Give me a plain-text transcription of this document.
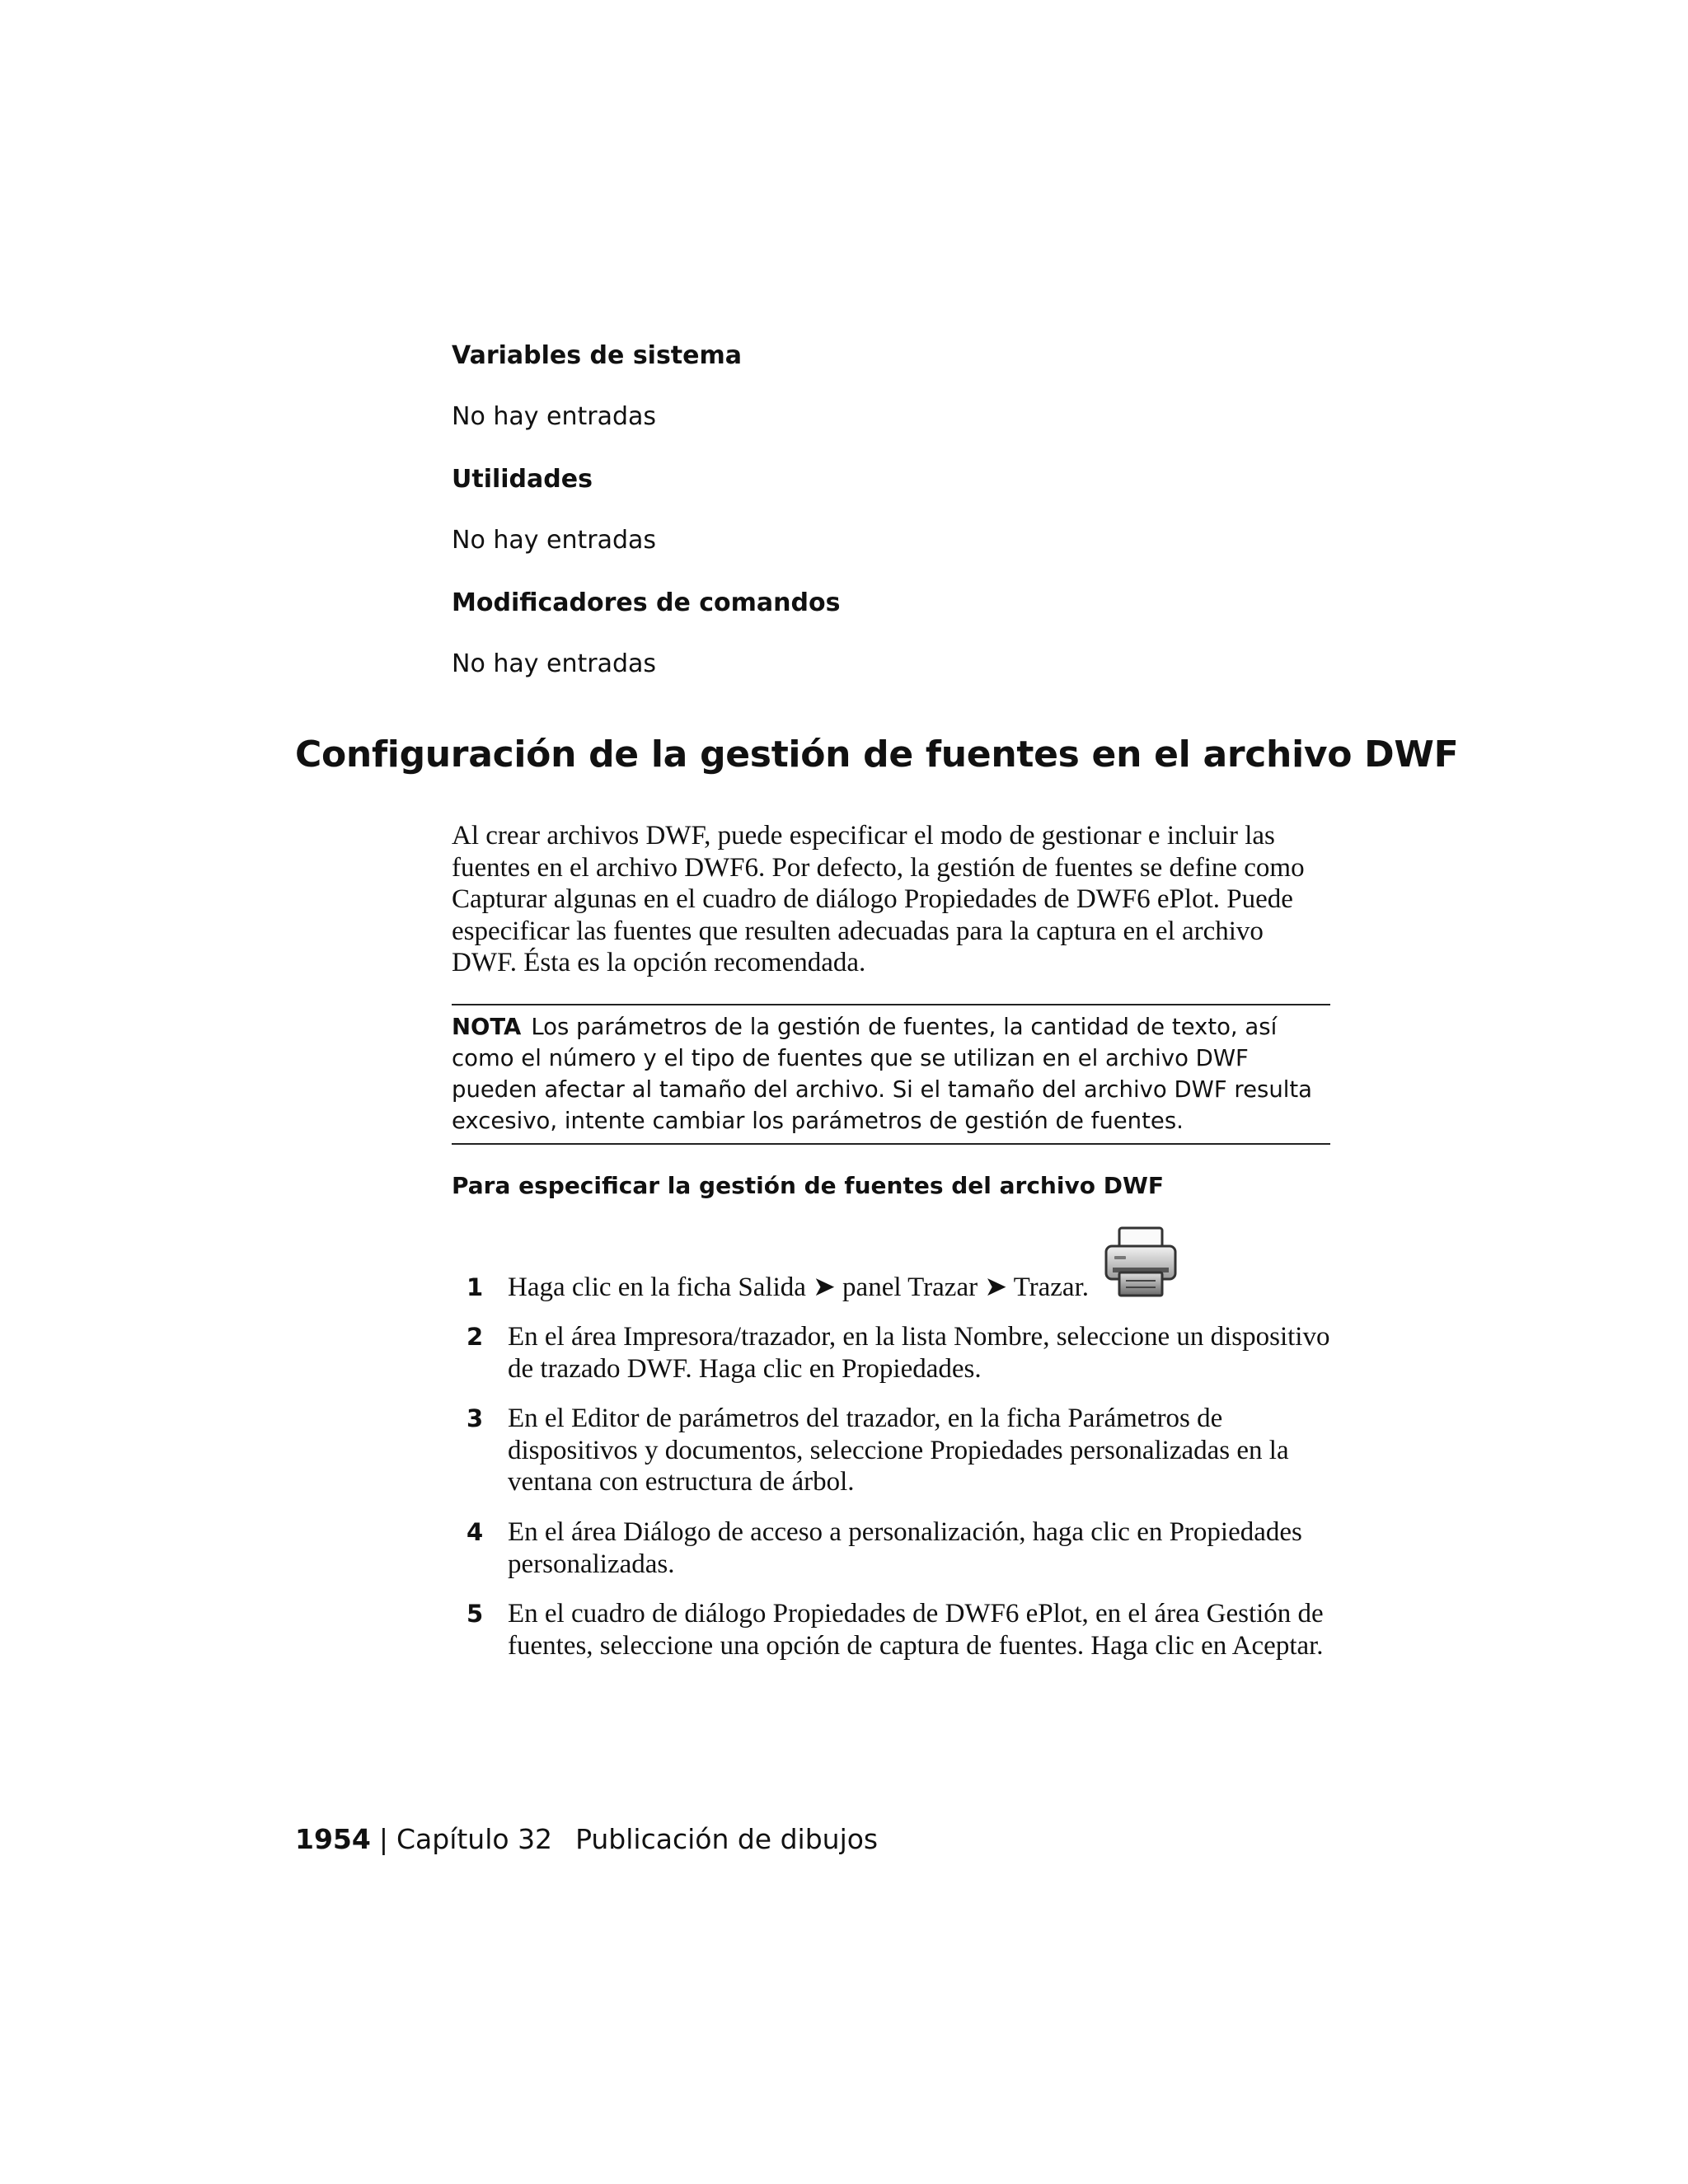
Variables de sistema

No hay entradas

Utilidades

No hay entradas

Modificadores de comandos

No hay entradas

Configuración de la gestión de fuentes en el archivo DWF

Al crear archivos DWF, puede especificar el modo de gestionar e incluir las fuentes en el archivo DWF6. Por defecto, la gestión de fuentes se define como Capturar algunas en el cuadro de diálogo Propiedades de DWF6 ePlot. Puede especificar las fuentes que resulten adecuadas para la captura en el archivo DWF. Ésta es la opción recomendada.

NOTA Los parámetros de la gestión de fuentes, la cantidad de texto, así como el número y el tipo de fuentes que se utilizan en el archivo DWF pueden afectar al tamaño del archivo. Si el tamaño del archivo DWF resulta excesivo, intente cambiar los parámetros de gestión de fuentes.
Para especificar la gestión de fuentes del archivo DWF
1 Haga clic en la ficha Salida ➤ panel Trazar ➤ Trazar.
2 En el área Impresora/trazador, en la lista Nombre, seleccione un dispositivo de trazado DWF. Haga clic en Propiedades.
3 En el Editor de parámetros del trazador, en la ficha Parámetros de dispositivos y documentos, seleccione Propiedades personalizadas en la ventana con estructura de árbol.
4 En el área Diálogo de acceso a personalización, haga clic en Propiedades personalizadas.
5 En el cuadro de diálogo Propiedades de DWF6 ePlot, en el área Gestión de fuentes, seleccione una opción de captura de fuentes. Haga clic en Aceptar.
1954 | Capítulo 32 Publicación de dibujos
